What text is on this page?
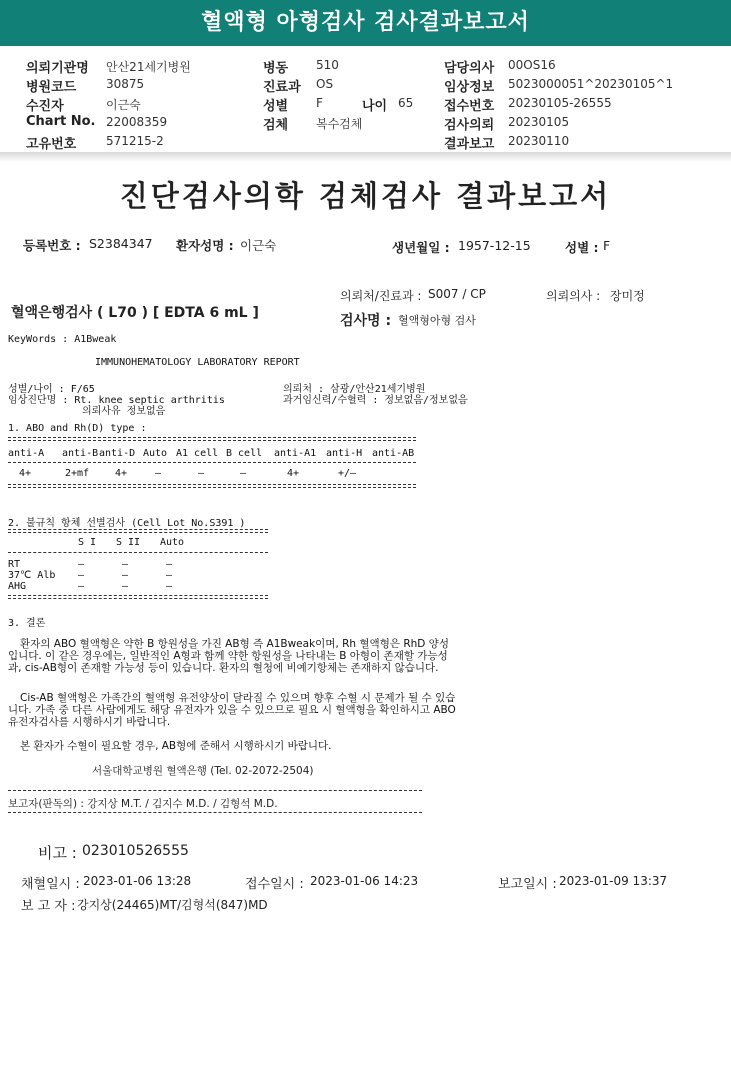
혈액형 아형검사 검사결과보고서
의뢰기관명 안산21세기병원
병원코드 30875
수진자	이근숙
Chart No. 22008359
고유번호 571215-2
병동 510
진료과 OS
성별 F	나이 65
검체 복수검체
담당의사 00OS16
임상정보 5023000051^20230105^1
접수번호 20230105-26555
검사의뢰 20230105
결과보고 20230110
진단검사의학 검체검사 결과보고서
등록번호 : S2384347 환자성명 : 이근숙	생년월일 : 1957-12-15	성별 : F
의뢰처/진료과 : S007 / CP	의뢰의사 : 장미정
혈액은행검사 ( L70 ) [ EDTA 6 mL ]	검사명 : 혈액형아형 검사
KeyWords : A1Bweak
IMMUNOHEMATOLOGY LABORATORY REPORT
성별/나이 : F/65
임상진단명 : Rt. knee septic arthritis
의뢰사유 정보없음
의뢰처 : 삼광/안산21세기병원
과거임신력/수혈력 : 정보없음/정보없음
1. ABO and Rh(D) type :
anti-A anti-B anti-D Auto A1 cell B cell anti-A1 anti-H anti-AB
4+	2+mf	4+	–	–	–	4+	+/–
2. 불규칙 항체 선별검사 (Cell Lot No.S391 )
S I S II Auto
RT	–	–	–
37℃ Alb –	–	–
AHG	–	–	–
3. 결론
환자의 ABO 혈액형은 약한 B 항원성을 가진 AB형 즉 A1Bweak이며, Rh 혈액형은 RhD 양성입니다. 이 같은 경우에는, 일반적인 A형과 함께 약한 항원성을 나타내는 B 아형이 존재할 가능성과, cis-AB형이 존재할 가능성 등이 있습니다. 환자의 혈청에 비예기항체는 존재하지 않습니다.
Cis-AB 혈액형은 가족간의 혈액형 유전양상이 달라질 수 있으며 향후 수혈 시 문제가 될 수 있습니다. 가족 중 다른 사람에게도 해당 유전자가 있을 수 있으므로 필요 시 혈액형을 확인하시고 ABO 유전자검사를 시행하시기 바랍니다.
본 환자가 수혈이 필요할 경우, AB형에 준해서 시행하시기 바랍니다.
서울대학교병원 혈액은행 (Tel. 02-2072-2504)
보고자(판독의) : 강지상 M.T. / 김지수 M.D. / 김형석 M.D.
비고 : 023010526555
채혈일시 : 2023-01-06 13:28	접수일시 : 2023-01-06 14:23	보고일시 : 2023-01-09 13:37
보 고 자 : 강지상(24465)MT/김형석(847)MD
